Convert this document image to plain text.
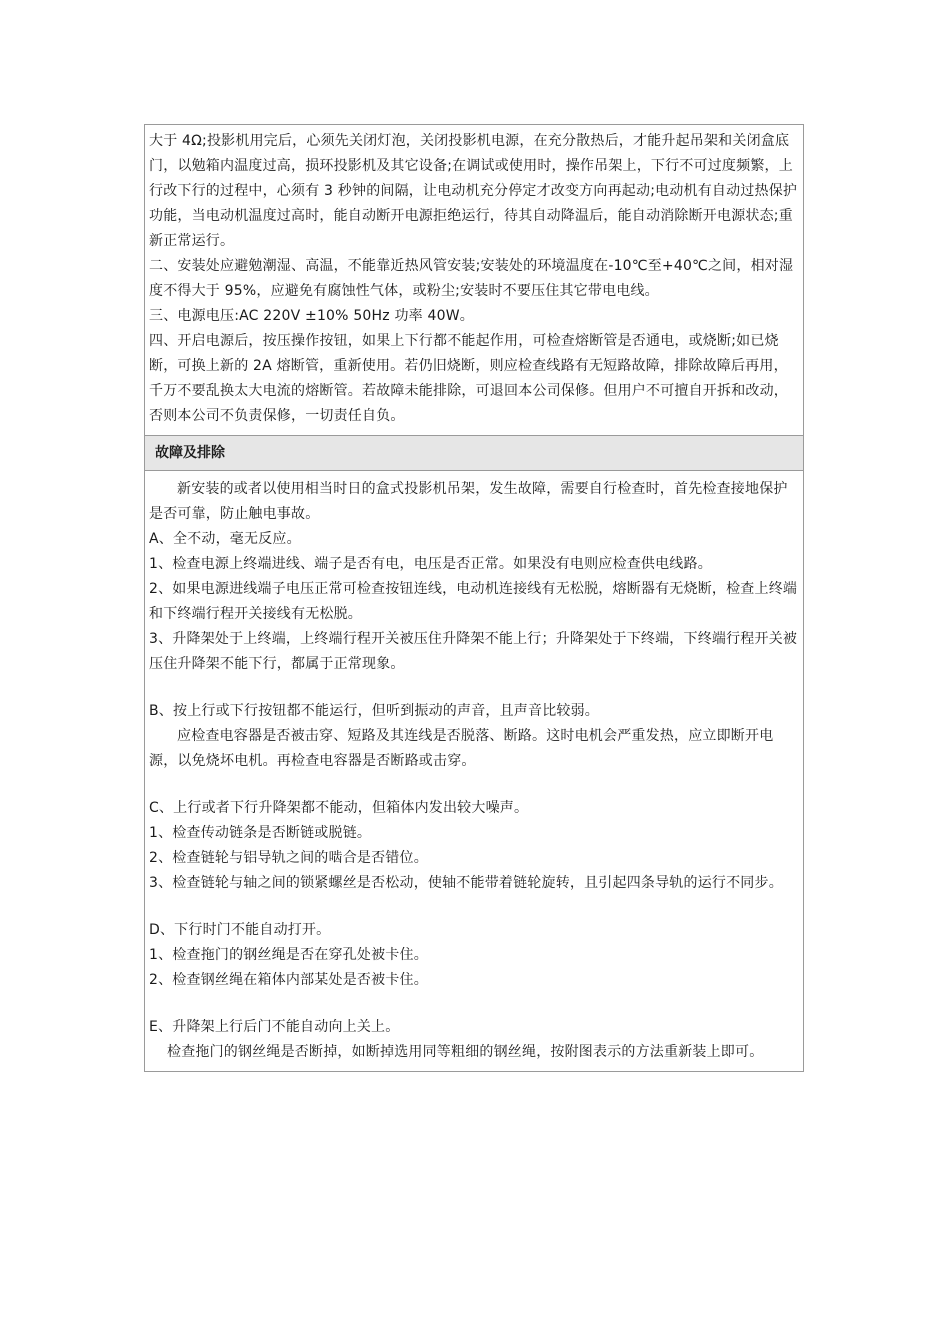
大于 4Ω;投影机用完后，心须先关闭灯泡，关闭投影机电源，在充分散热后，才能升起吊架和关闭盒底门，以勉箱内温度过高，损环投影机及其它设备;在调试或使用时，操作吊架上，下行不可过度频繁，上行改下行的过程中，心须有 3 秒钟的间隔，让电动机充分停定才改变方向再起动;电动机有自动过热保护功能，当电动机温度过高时，能自动断开电源拒绝运行，待其自动降温后，能自动消除断开电源状态;重新正常运行。

二、安装处应避勉潮湿、高温，不能靠近热风管安装;安装处的环境温度在-10℃至+40℃之间，相对湿度不得大于 95%，应避免有腐蚀性气体，或粉尘;安装时不要压住其它带电电线。

三、电源电压:AC 220V ±10% 50Hz 功率 40W。

四、开启电源后，按压操作按钮，如果上下行都不能起作用，可检查熔断管是否通电，或烧断;如已烧断，可换上新的 2A 熔断管，重新使用。若仍旧烧断，则应检查线路有无短路故障，排除故障后再用，千万不要乱换太大电流的熔断管。若故障未能排除，可退回本公司保修。但用户不可擅自开拆和改动，否则本公司不负责保修，一切责任自负。

故障及排除

新安装的或者以使用相当时日的盒式投影机吊架，发生故障，需要自行检查时，首先检查接地保护是否可靠，防止触电事故。

A、全不动，毫无反应。

1、检查电源上终端进线、端子是否有电，电压是否正常。如果没有电则应检查供电线路。

2、如果电源进线端子电压正常可检查按钮连线，电动机连接线有无松脱，熔断器有无烧断，检查上终端和下终端行程开关接线有无松脱。

3、升降架处于上终端，上终端行程开关被压住升降架不能上行；升降架处于下终端，下终端行程开关被压住升降架不能下行，都属于正常现象。

B、按上行或下行按钮都不能运行，但听到振动的声音，且声音比较弱。

应检查电容器是否被击穿、短路及其连线是否脱落、断路。这时电机会严重发热，应立即断开电源，以免烧坏电机。再检查电容器是否断路或击穿。

C、上行或者下行升降架都不能动，但箱体内发出较大噪声。

1、检查传动链条是否断链或脱链。

2、检查链轮与铝导轨之间的啮合是否错位。

3、检查链轮与轴之间的锁紧螺丝是否松动，使轴不能带着链轮旋转，且引起四条导轨的运行不同步。

D、下行时门不能自动打开。

1、检查拖门的钢丝绳是否在穿孔处被卡住。

2、检查钢丝绳在箱体内部某处是否被卡住。

E、升降架上行后门不能自动向上关上。

检查拖门的钢丝绳是否断掉，如断掉选用同等粗细的钢丝绳，按附图表示的方法重新装上即可。
